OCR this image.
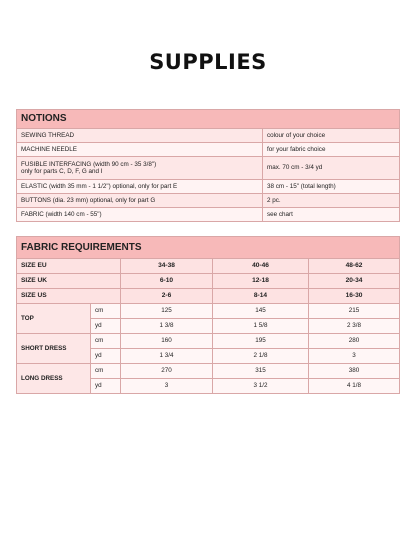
SUPPLIES
NOTIONS	
SEWING THREAD	colour of your choice
MACHINE NEEDLE	for your fabric choice

FUSIBLE INTERFACING (width 90 cm - 35 3/8")
only for parts C, D, F, G and I	max. 70 cm - 3/4 yd
ELASTIC (width 35 mm - 1 1/2") optional, only for part E	38 cm - 15" (total length)
BUTTONS (dia. 23 mm) optional, only for part G	2 pc.
FABRIC (width 140 cm - 55")	see chart
FABRIC REQUIREMENTS				
SIZE EU		34-38	40-46	48-62
SIZE UK		6-10	12-18	20-34
SIZE US		2-6	8-14	16-30
TOP	cm	125	145	215
	yd	1 3/8	1 5/8	2 3/8
SHORT DRESS	cm	160	195	280
	yd	1 3/4	2 1/8	3
LONG DRESS	cm	270	315	380
	yd	3	3 1/2	4 1/8
